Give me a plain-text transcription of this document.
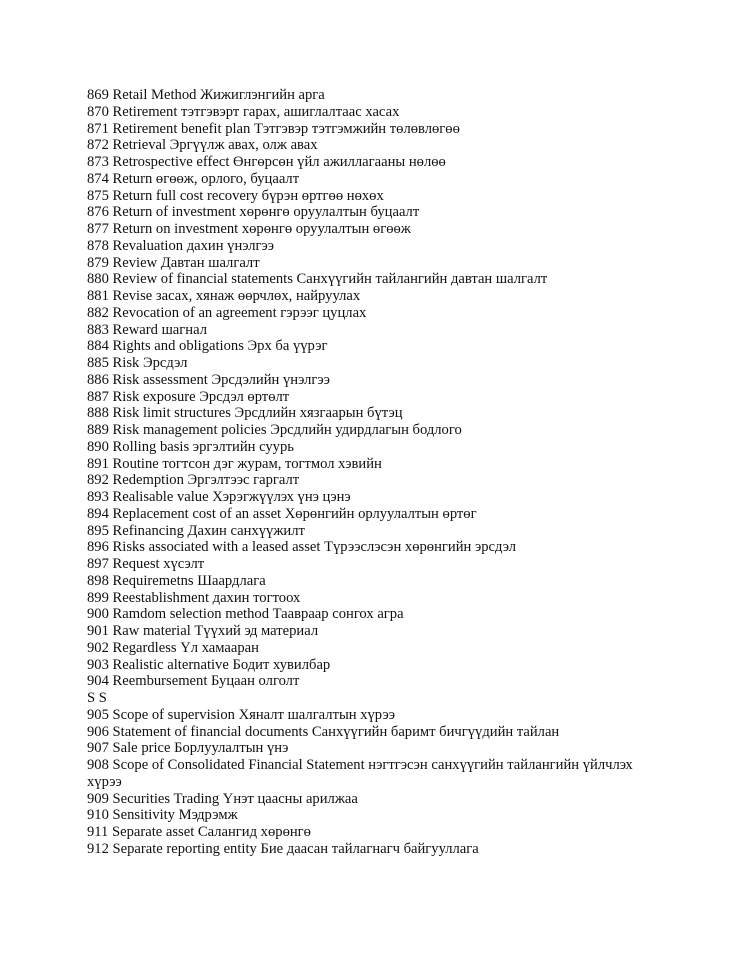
869 Retail Method Жижиглэнгийн арга
870 Retirement тэтгэвэрт гарах, ашиглалтаас хасах
871 Retirement benefit plan Тэтгэвэр тэтгэмжийн төлөвлөгөө
872 Retrieval Эргүүлж авах, олж авах
873 Retrospective effect Өнгөрсөн үйл ажиллагааны нөлөө
874 Return өгөөж, орлого, буцаалт
875 Return full cost recovery бүрэн өртгөө нөхөх
876 Return of investment хөрөнгө оруулалтын буцаалт
877 Return on investment хөрөнгө оруулалтын өгөөж
878 Revaluation дахин үнэлгээ
879 Review Давтан шалгалт
880 Review of financial statements Санхүүгийн тайлангийн давтан шалгалт
881 Revise засах, хянаж өөрчлөх, найруулах
882 Revocation of an agreement гэрээг цуцлах
883 Reward шагнал
884 Rights and obligations Эрх ба үүрэг
885 Risk Эрсдэл
886 Risk assessment Эрсдэлийн үнэлгээ
887 Risk exposure Эрсдэл өртөлт
888 Risk limit structures Эрсдлийн хязгаарын бүтэц
889 Risk management policies Эрсдлийн удирдлагын бодлого
890 Rolling basis эргэлтийн суурь
891 Routine тогтсон дэг журам, тогтмол хэвийн
892 Redemption Эргэлтээс гаргалт
893 Realisable value Хэрэгжүүлэх үнэ цэнэ
894 Replacement cost of an asset Хөрөнгийн орлуулалтын өртөг
895 Refinancing Дахин санхүүжилт
896 Risks associated with a leased asset Түрээслэсэн хөрөнгийн эрсдэл
897 Request хүсэлт
898 Requiremetns Шаардлага
899 Reestablishment дахин тогтоох
900 Ramdom selection method Таавраар сонгох агра
901 Raw material Түүхий эд материал
902 Regardless Үл хамааран
903 Realistic alternative Бодит хувилбар
904 Reembursement Буцаан олголт
S S
905 Scope of supervision Хяналт шалгалтын хүрээ
906 Statement of financial documents Санхүүгийн баримт бичгүүдийн тайлан
907 Sale price Борлуулалтын үнэ
908 Scope of Consolidated Financial Statement нэгтгэсэн санхүүгийн тайлангийн үйлчлэх хүрээ
909 Securities Trading Үнэт цаасны арилжаа
910 Sensitivity Мэдрэмж
911 Separate asset Салангид хөрөнгө
912 Separate reporting entity Бие даасан тайлагнагч байгууллага
